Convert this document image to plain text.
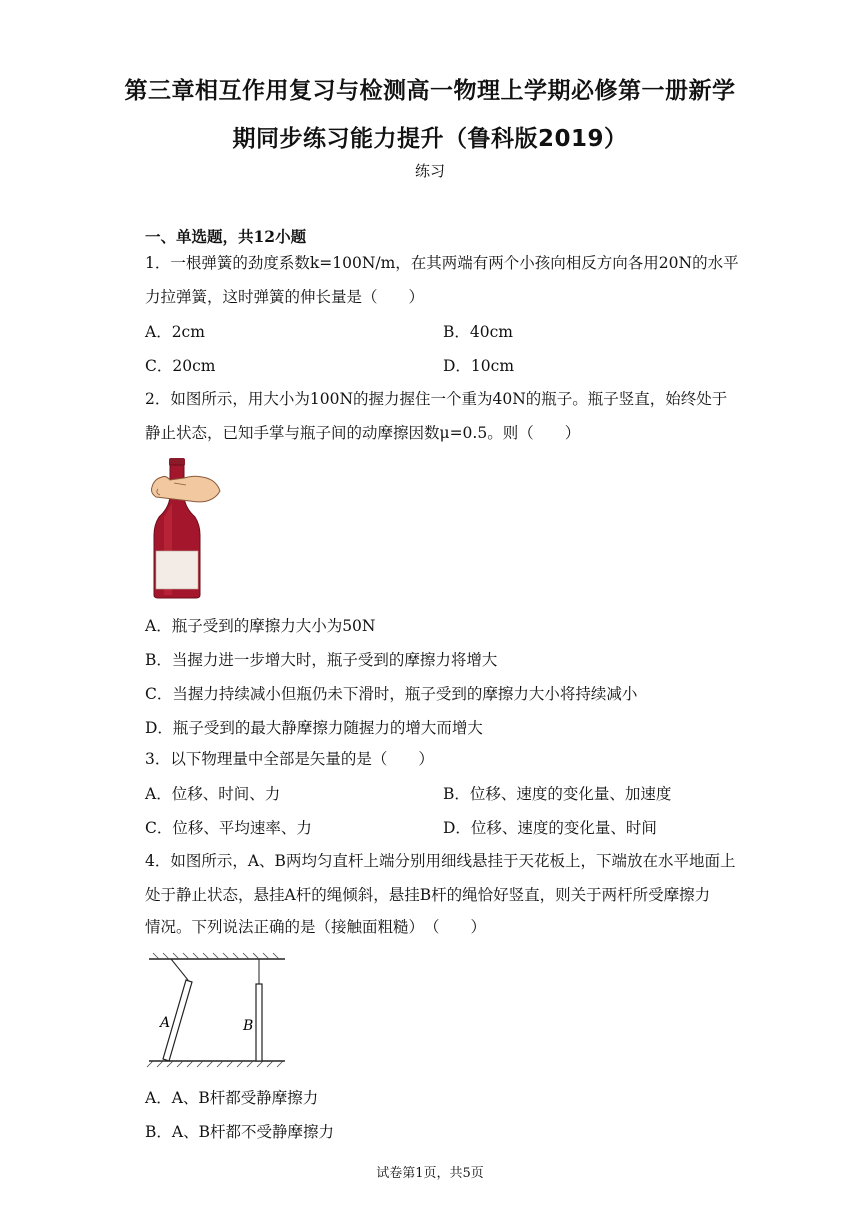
第三章相互作用复习与检测高一物理上学期必修第一册新学
期同步练习能力提升（鲁科版2019）
练习
一、单选题，共12小题
1．一根弹簧的劲度系数k=100N/m，在其两端有两个小孩向相反方向各用20N的水平
力拉弹簧，这时弹簧的伸长量是（　　）
A．2cm	B．40cm
C．20cm	D．10cm
2．如图所示，用大小为100N的握力握住一个重为40N的瓶子。瓶子竖直，始终处于
静止状态，已知手掌与瓶子间的动摩擦因数μ=0.5。则（　　）
A．瓶子受到的摩擦力大小为50N
B．当握力进一步增大时，瓶子受到的摩擦力将增大
C．当握力持续减小但瓶仍未下滑时，瓶子受到的摩擦力大小将持续减小
D．瓶子受到的最大静摩擦力随握力的增大而增大
3．以下物理量中全部是矢量的是（　　）
A．位移、时间、力	B．位移、速度的变化量、加速度
C．位移、平均速率、力	D．位移、速度的变化量、时间
4．如图所示，A、B两均匀直杆上端分别用细线悬挂于天花板上，下端放在水平地面上
处于静止状态，悬挂A杆的绳倾斜，悬挂B杆的绳恰好竖直，则关于两杆所受摩擦力
情况。下列说法正确的是（接触面粗糙）　（　　）
A	B
A．A、B杆都受静摩擦力
B．A、B杆都不受静摩擦力
试卷第1页，共5页
